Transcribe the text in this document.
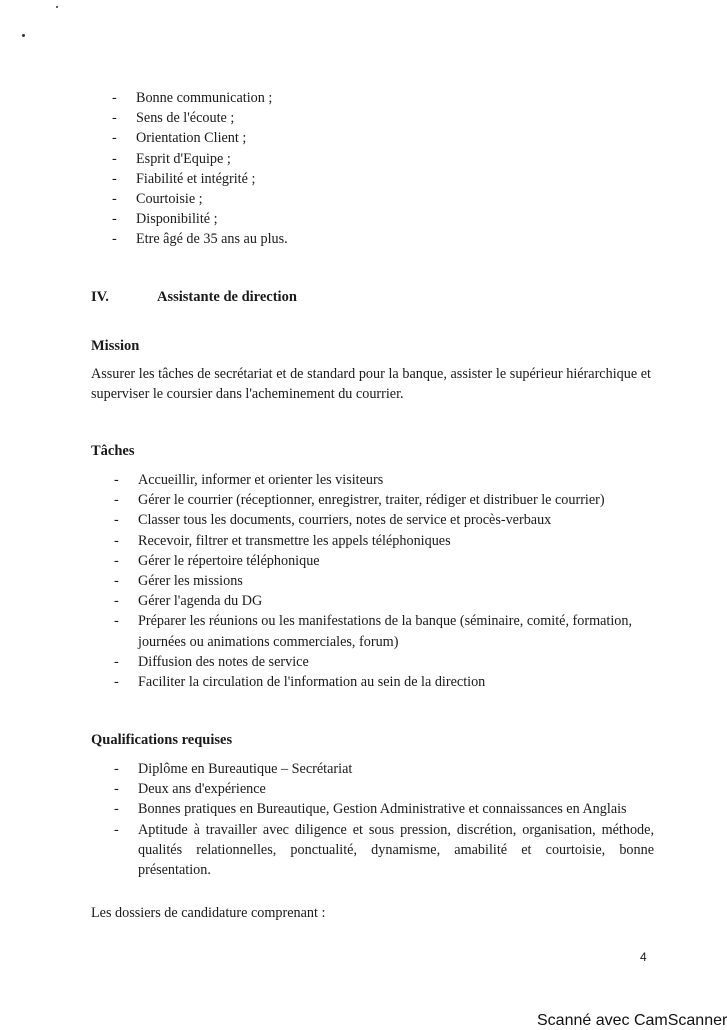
- Bonne communication ;
- Sens de l'écoute ;
- Orientation Client ;
- Esprit d'Equipe ;
- Fiabilité et intégrité ;
- Courtoisie ;
- Disponibilité ;
- Etre âgé de 35 ans au plus.
IV.	Assistante de direction
Mission
Assurer les tâches de secrétariat et de standard pour la banque, assister le supérieur hiérarchique et superviser le coursier dans l'acheminement du courrier.
Tâches
- Accueillir, informer et orienter les visiteurs
- Gérer le courrier (réceptionner, enregistrer, traiter, rédiger et distribuer le courrier)
- Classer tous les documents, courriers, notes de service et procès-verbaux
- Recevoir, filtrer et transmettre les appels téléphoniques
- Gérer le répertoire téléphonique
- Gérer les missions
- Gérer l'agenda du DG
- Préparer les réunions ou les manifestations de la banque (séminaire, comité, formation, journées ou animations commerciales, forum)
- Diffusion des notes de service
- Faciliter la circulation de l'information au sein de la direction
Qualifications requises
- Diplôme en Bureautique – Secrétariat
- Deux ans d'expérience
- Bonnes pratiques en Bureautique, Gestion Administrative et connaissances en Anglais
- Aptitude à travailler avec diligence et sous pression, discrétion, organisation, méthode, qualités relationnelles, ponctualité, dynamisme, amabilité et courtoisie, bonne présentation.
Les dossiers de candidature comprenant :
4
Scanné avec CamScanner
